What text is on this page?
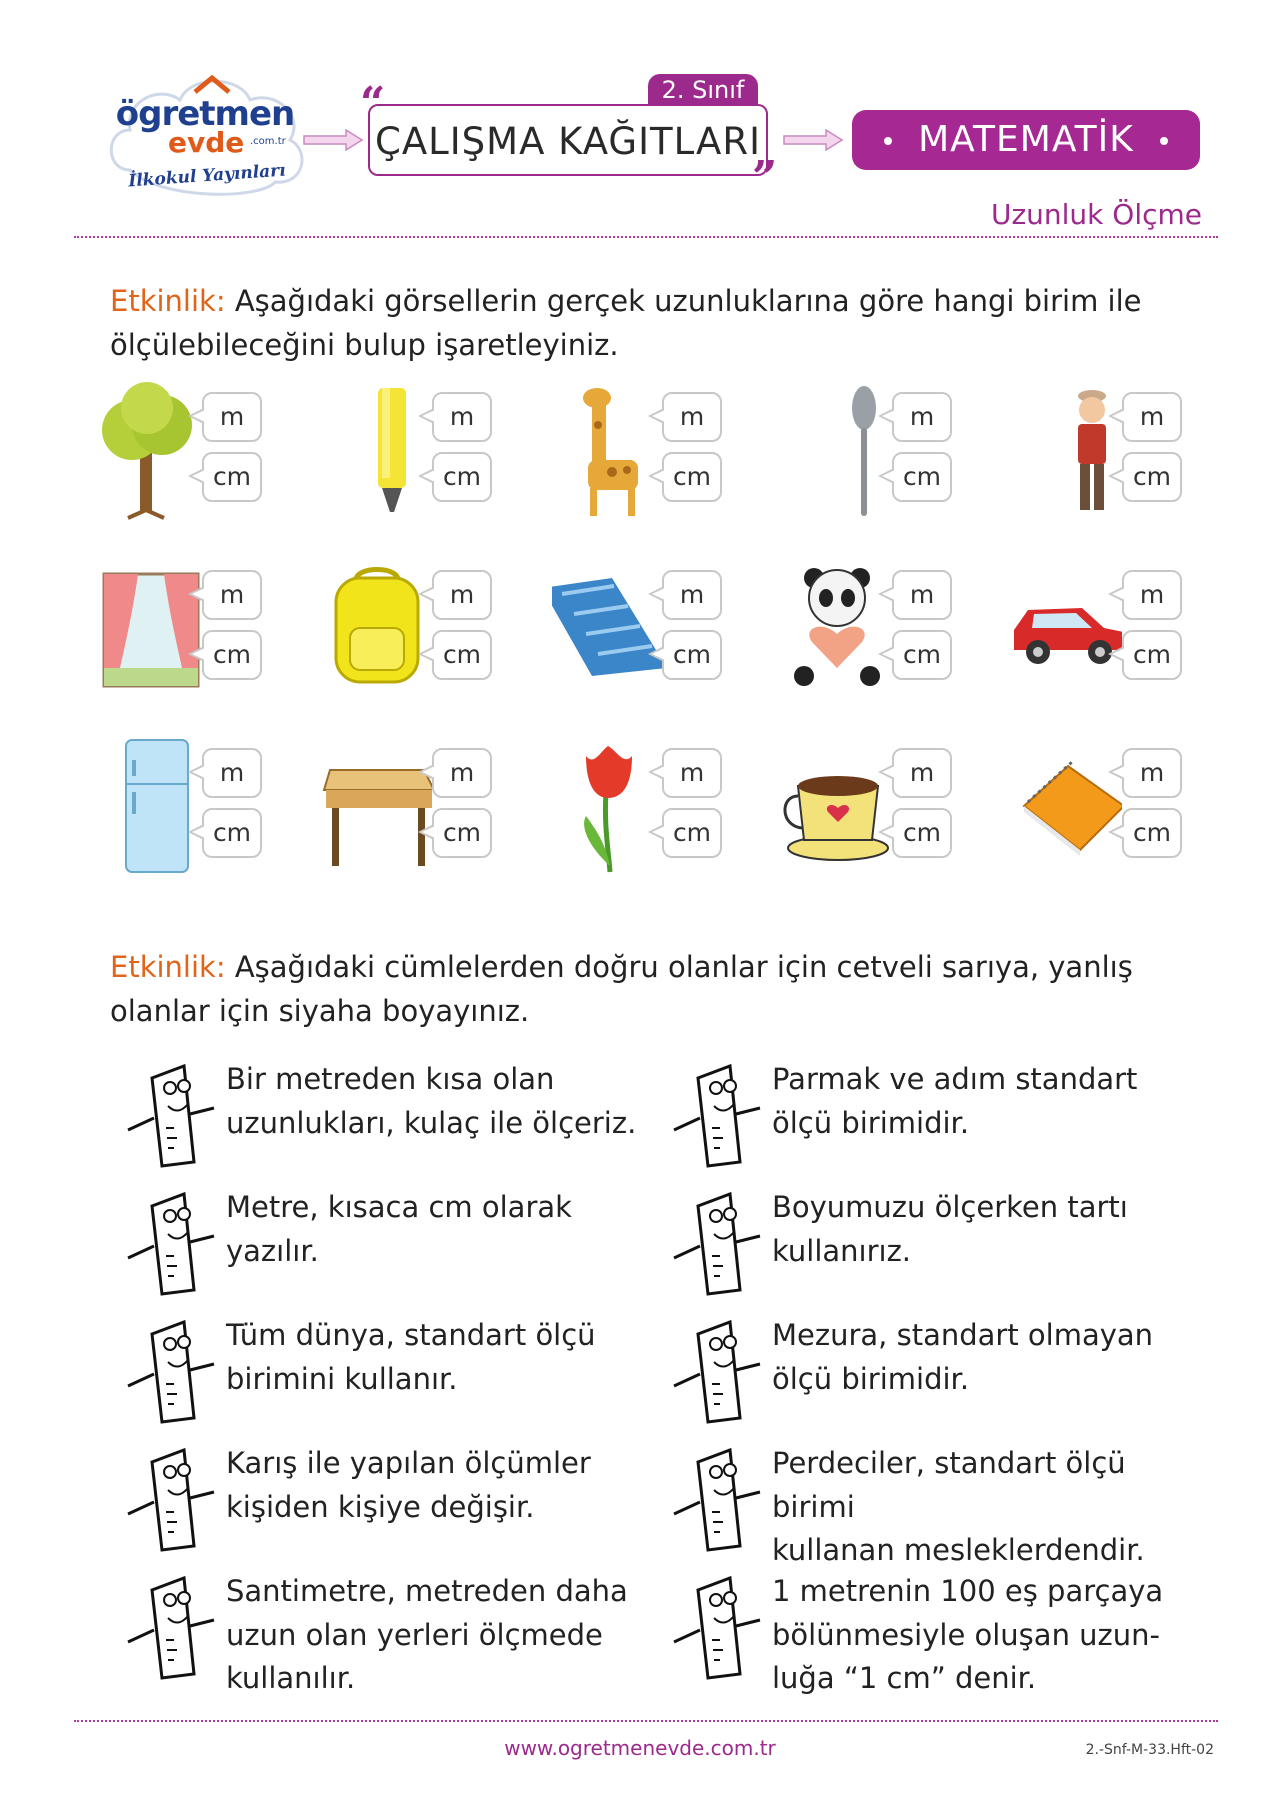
ögretmen
evde .com.tr
İlkokul Yayınları
2. Sınıf
ÇALIŞMA KAĞITLARI
“
”
MATEMATİK
Uzunluk Ölçme
Etkinlik: Aşağıdaki görsellerin gerçek uzunluklarına göre hangi birim ile ölçülebileceğini bulup işaretleyiniz.
m
cm
m
cm
m
cm
m
cm
m
cm
m
cm
m
cm
m
cm
m
cm
m
cm
m
cm
m
cm
m
cm
m
cm
m
cm
Etkinlik: Aşağıdaki cümlelerden doğru olanlar için cetveli sarıya, yanlış olanlar için siyaha boyayınız.
Bir metreden kısa olan
uzunlukları, kulaç ile ölçeriz.
Parmak ve adım standart
ölçü birimidir.
Metre, kısaca cm olarak
yazılır.
Boyumuzu ölçerken tartı
kullanırız.
Tüm dünya, standart ölçü
birimini kullanır.
Mezura, standart olmayan
ölçü birimidir.
Karış ile yapılan ölçümler
kişiden kişiye değişir.
Perdeciler, standart ölçü birimi
kullanan mesleklerdendir.
Santimetre, metreden daha
uzun olan yerleri ölçmede
kullanılır.
1 metrenin 100 eş parçaya
bölünmesiyle oluşan uzun-
luğa “1 cm” denir.
www.ogretmenevde.com.tr	2.-Snf-M-33.Hft-02
